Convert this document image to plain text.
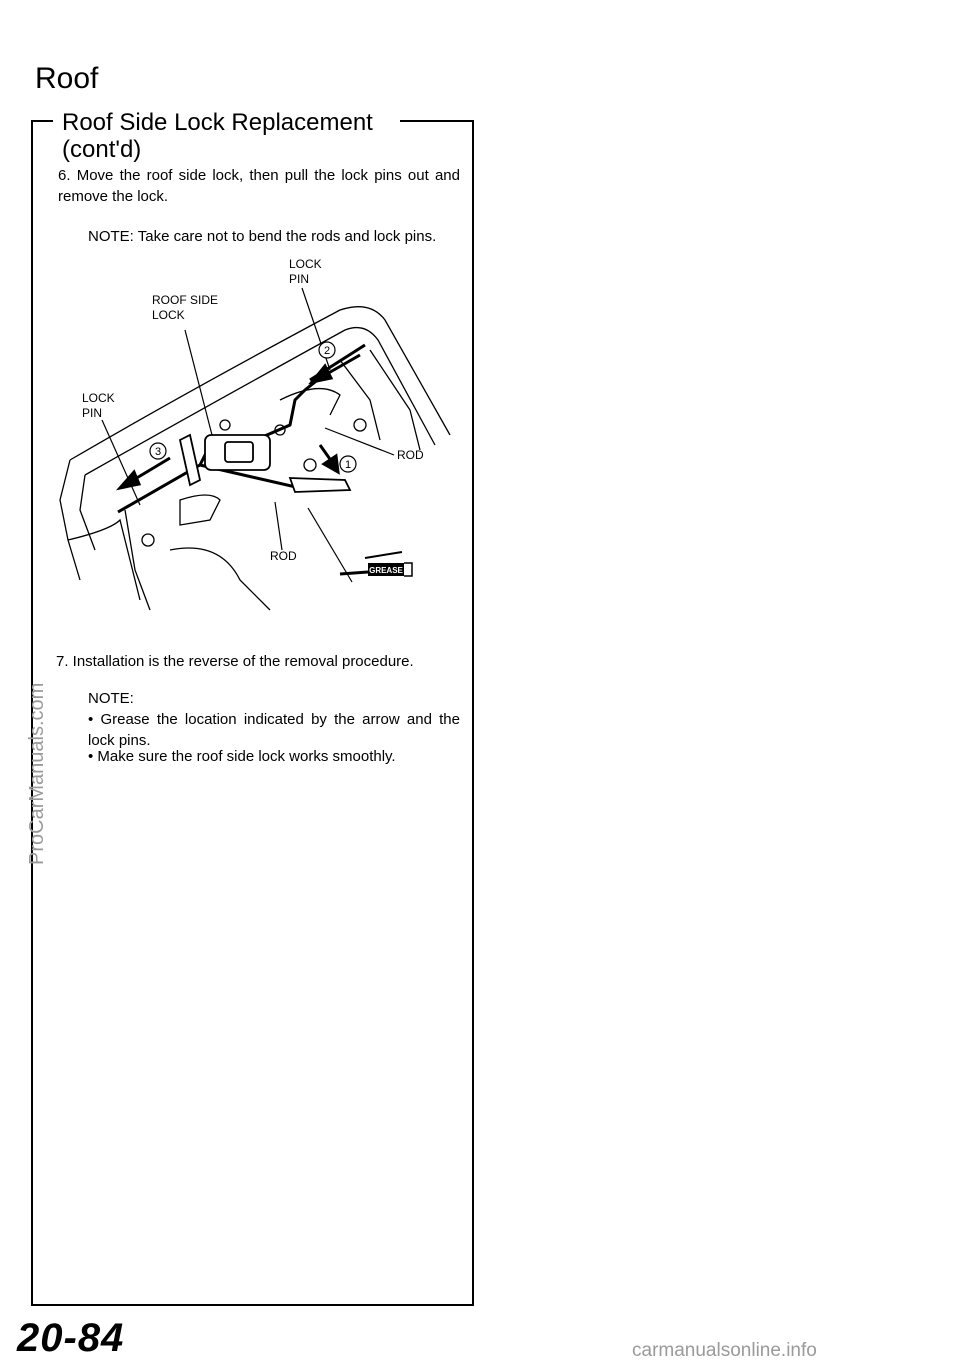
Roof
Roof Side Lock Replacement
(cont'd)
6. Move the roof side lock, then pull the lock pins out and remove the lock.
NOTE: Take care not to bend the rods and lock pins.
2
3
1
GREASE
LOCK
PIN
ROOF SIDE
LOCK
LOCK
PIN
ROD
ROD
7. Installation is the reverse of the removal procedure.
NOTE:
• Grease the location indicated by the arrow and the lock pins.
• Make sure the roof side lock works smoothly.
ProCarManuals.com
20-84	carmanualsonline.info
